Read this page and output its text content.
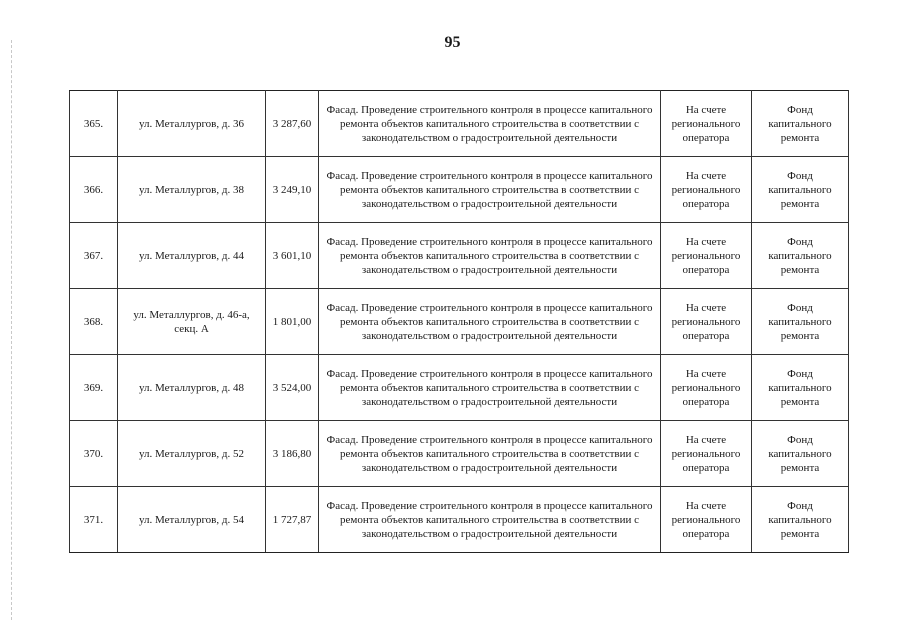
95
365.	ул. Металлургов, д. 36	3 287,60	Фасад. Проведение строительного контроля в процессе капитального ремонта объектов капитального строительства в соответствии с законодательством о градостроительной деятельности	На счете регионального оператора	Фонд капитального ремонта
366.	ул. Металлургов, д. 38	3 249,10	Фасад. Проведение строительного контроля в процессе капитального ремонта объектов капитального строительства в соответствии с законодательством о градостроительной деятельности	На счете регионального оператора	Фонд капитального ремонта
367.	ул. Металлургов, д. 44	3 601,10	Фасад. Проведение строительного контроля в процессе капитального ремонта объектов капитального строительства в соответствии с законодательством о градостроительной деятельности	На счете регионального оператора	Фонд капитального ремонта
368.	ул. Металлургов, д. 46-а, секц. А	1 801,00	Фасад. Проведение строительного контроля в процессе капитального ремонта объектов капитального строительства в соответствии с законодательством о градостроительной деятельности	На счете регионального оператора	Фонд капитального ремонта
369.	ул. Металлургов, д. 48	3 524,00	Фасад. Проведение строительного контроля в процессе капитального ремонта объектов капитального строительства в соответствии с законодательством о градостроительной деятельности	На счете регионального оператора	Фонд капитального ремонта
370.	ул. Металлургов, д. 52	3 186,80	Фасад. Проведение строительного контроля в процессе капитального ремонта объектов капитального строительства в соответствии с законодательством о градостроительной деятельности	На счете регионального оператора	Фонд капитального ремонта
371.	ул. Металлургов, д. 54	1 727,87	Фасад. Проведение строительного контроля в процессе капитального ремонта объектов капитального строительства в соответствии с законодательством о градостроительной деятельности	На счете регионального оператора	Фонд капитального ремонта
